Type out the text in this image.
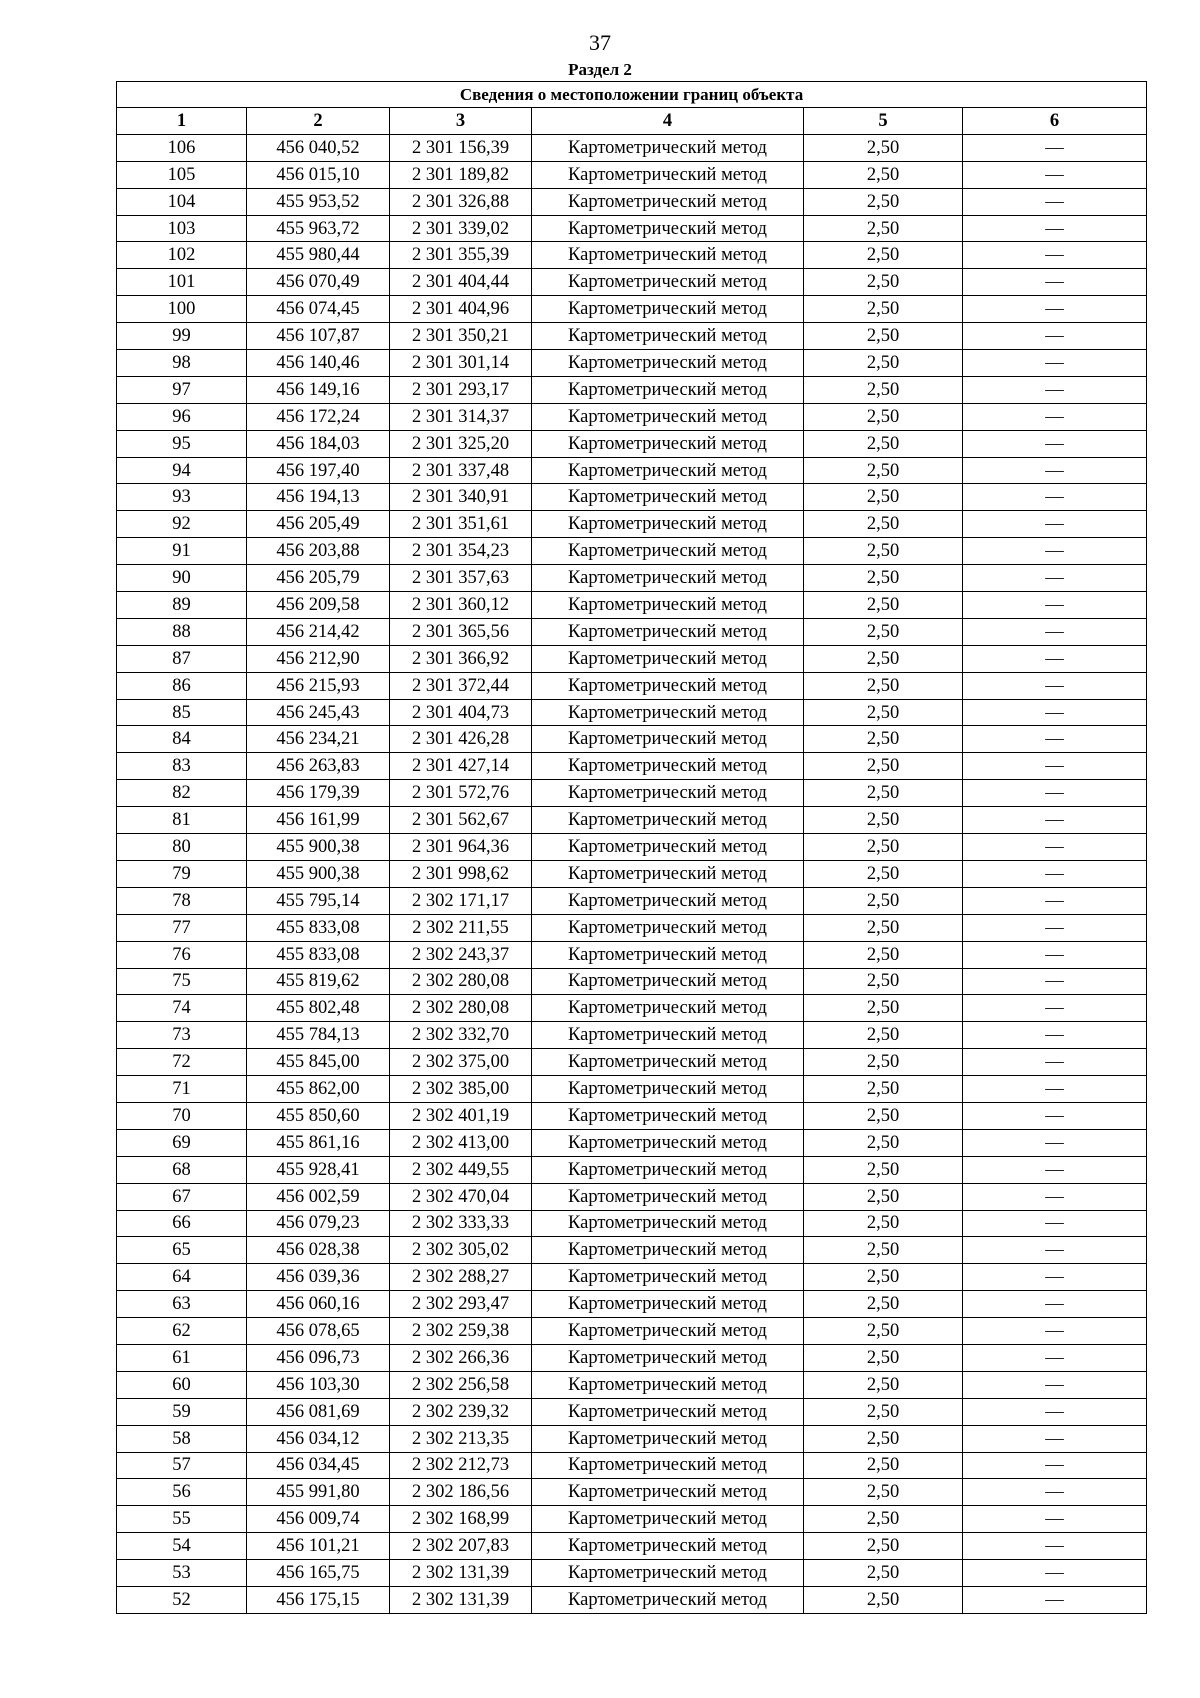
37
Раздел 2
Сведения о местоположении границ объекта					
1	2	3	4	5	6
106	456 040,52	2 301 156,39	Картометрический метод	2,50	—
105	456 015,10	2 301 189,82	Картометрический метод	2,50	—
104	455 953,52	2 301 326,88	Картометрический метод	2,50	—
103	455 963,72	2 301 339,02	Картометрический метод	2,50	—
102	455 980,44	2 301 355,39	Картометрический метод	2,50	—
101	456 070,49	2 301 404,44	Картометрический метод	2,50	—
100	456 074,45	2 301 404,96	Картометрический метод	2,50	—
99	456 107,87	2 301 350,21	Картометрический метод	2,50	—
98	456 140,46	2 301 301,14	Картометрический метод	2,50	—
97	456 149,16	2 301 293,17	Картометрический метод	2,50	—
96	456 172,24	2 301 314,37	Картометрический метод	2,50	—
95	456 184,03	2 301 325,20	Картометрический метод	2,50	—
94	456 197,40	2 301 337,48	Картометрический метод	2,50	—
93	456 194,13	2 301 340,91	Картометрический метод	2,50	—
92	456 205,49	2 301 351,61	Картометрический метод	2,50	—
91	456 203,88	2 301 354,23	Картометрический метод	2,50	—
90	456 205,79	2 301 357,63	Картометрический метод	2,50	—
89	456 209,58	2 301 360,12	Картометрический метод	2,50	—
88	456 214,42	2 301 365,56	Картометрический метод	2,50	—
87	456 212,90	2 301 366,92	Картометрический метод	2,50	—
86	456 215,93	2 301 372,44	Картометрический метод	2,50	—
85	456 245,43	2 301 404,73	Картометрический метод	2,50	—
84	456 234,21	2 301 426,28	Картометрический метод	2,50	—
83	456 263,83	2 301 427,14	Картометрический метод	2,50	—
82	456 179,39	2 301 572,76	Картометрический метод	2,50	—
81	456 161,99	2 301 562,67	Картометрический метод	2,50	—
80	455 900,38	2 301 964,36	Картометрический метод	2,50	—
79	455 900,38	2 301 998,62	Картометрический метод	2,50	—
78	455 795,14	2 302 171,17	Картометрический метод	2,50	—
77	455 833,08	2 302 211,55	Картометрический метод	2,50	—
76	455 833,08	2 302 243,37	Картометрический метод	2,50	—
75	455 819,62	2 302 280,08	Картометрический метод	2,50	—
74	455 802,48	2 302 280,08	Картометрический метод	2,50	—
73	455 784,13	2 302 332,70	Картометрический метод	2,50	—
72	455 845,00	2 302 375,00	Картометрический метод	2,50	—
71	455 862,00	2 302 385,00	Картометрический метод	2,50	—
70	455 850,60	2 302 401,19	Картометрический метод	2,50	—
69	455 861,16	2 302 413,00	Картометрический метод	2,50	—
68	455 928,41	2 302 449,55	Картометрический метод	2,50	—
67	456 002,59	2 302 470,04	Картометрический метод	2,50	—
66	456 079,23	2 302 333,33	Картометрический метод	2,50	—
65	456 028,38	2 302 305,02	Картометрический метод	2,50	—
64	456 039,36	2 302 288,27	Картометрический метод	2,50	—
63	456 060,16	2 302 293,47	Картометрический метод	2,50	—
62	456 078,65	2 302 259,38	Картометрический метод	2,50	—
61	456 096,73	2 302 266,36	Картометрический метод	2,50	—
60	456 103,30	2 302 256,58	Картометрический метод	2,50	—
59	456 081,69	2 302 239,32	Картометрический метод	2,50	—
58	456 034,12	2 302 213,35	Картометрический метод	2,50	—
57	456 034,45	2 302 212,73	Картометрический метод	2,50	—
56	455 991,80	2 302 186,56	Картометрический метод	2,50	—
55	456 009,74	2 302 168,99	Картометрический метод	2,50	—
54	456 101,21	2 302 207,83	Картометрический метод	2,50	—
53	456 165,75	2 302 131,39	Картометрический метод	2,50	—
52	456 175,15	2 302 131,39	Картометрический метод	2,50	—
